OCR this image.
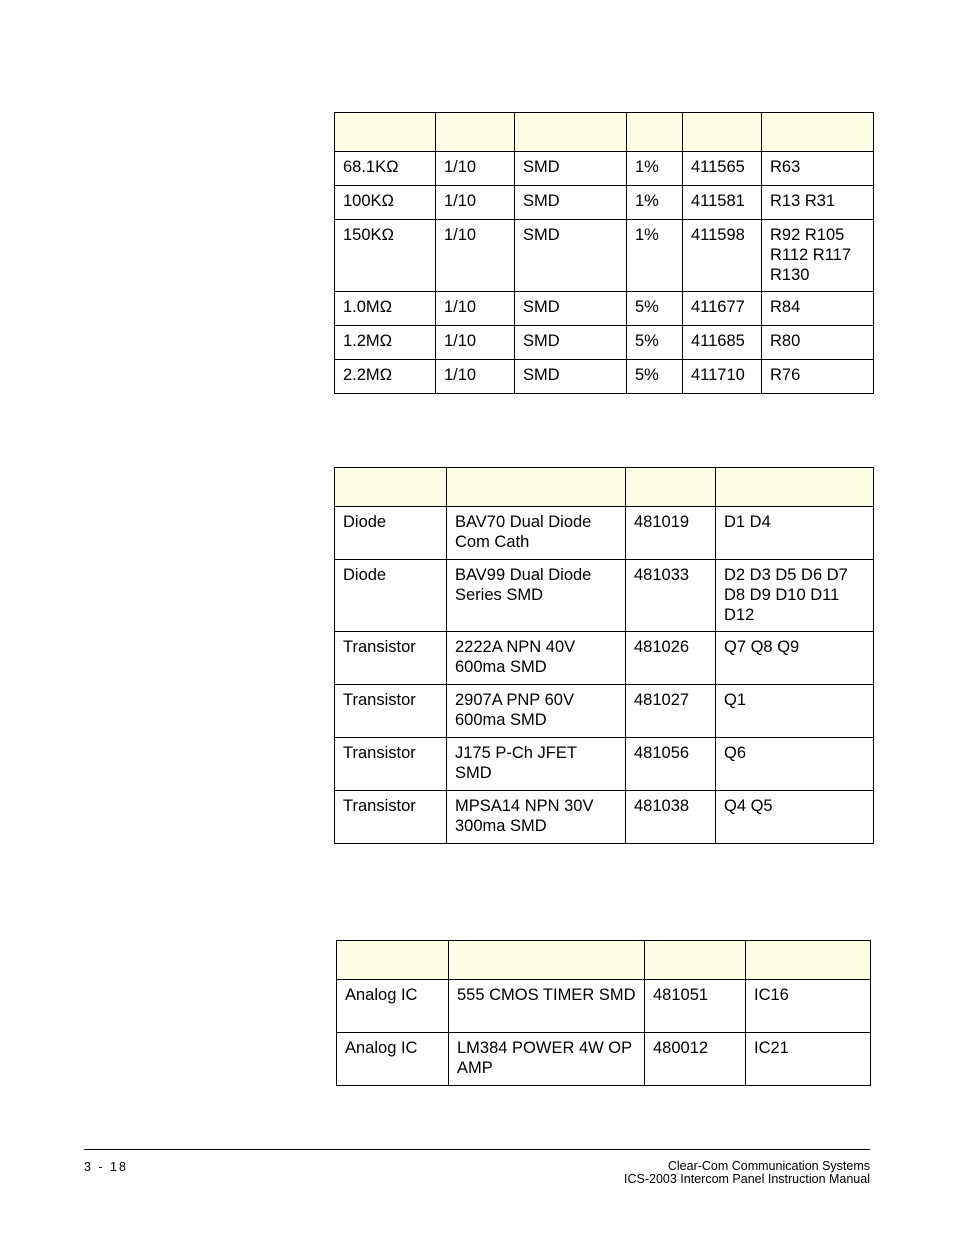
68.1KΩ	1/10	SMD	1%	411565	R63
100KΩ	1/10	SMD	1%	411581	R13 R31
150KΩ	1/10	SMD	1%	411598	R92 R105 R112 R117 R130
1.0MΩ	1/10	SMD	5%	411677	R84
1.2MΩ	1/10	SMD	5%	411685	R80
2.2MΩ	1/10	SMD	5%	411710	R76

Diode	BAV70 Dual Diode Com Cath	481019	D1 D4
Diode	BAV99 Dual Diode Series SMD	481033	D2 D3 D5 D6 D7 D8 D9 D10 D11 D12
Transistor	2222A NPN 40V 600ma SMD	481026	Q7 Q8 Q9
Transistor	2907A PNP 60V 600ma SMD	481027	Q1
Transistor	J175 P-Ch JFET SMD	481056	Q6
Transistor	MPSA14 NPN 30V 300ma SMD	481038	Q4 Q5

Analog IC	555 CMOS TIMER SMD	481051	IC16
Analog IC	LM384 POWER 4W OP AMP	480012	IC21
3 - 18	Clear-Com Communication Systems
ICS-2003 Intercom Panel Instruction Manual
